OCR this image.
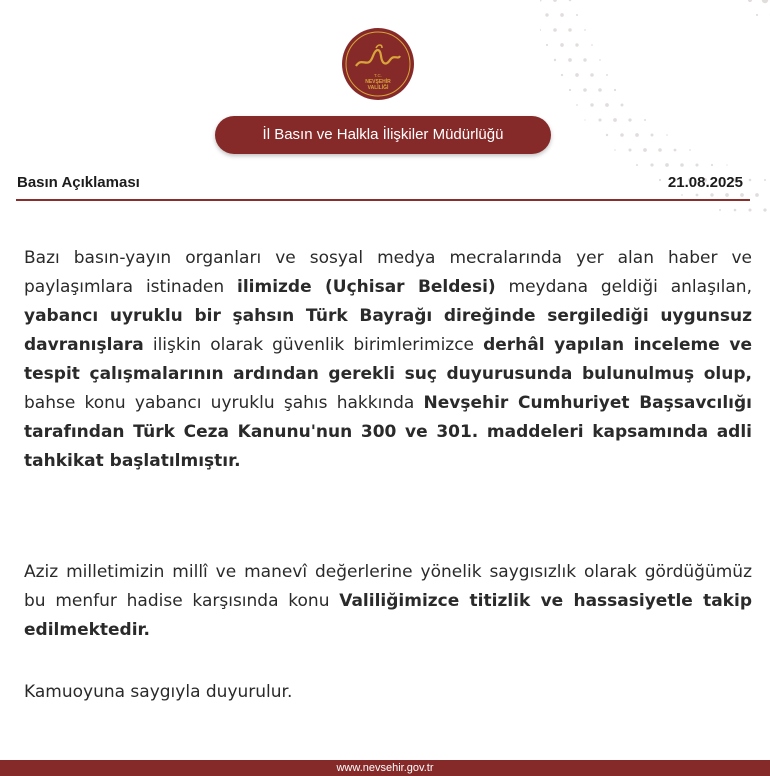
T.C.
NEVŞEHİR
VALİLİĞİ
İl Basın ve Halkla İlişkiler Müdürlüğü
Basın Açıklaması	21.08.2025

Bazı basın-yayın organları ve sosyal medya mecralarında yer alan haber ve paylaşımlara istinaden ilimizde (Uçhisar Beldesi) meydana geldiği anlaşılan, yabancı uyruklu bir şahsın Türk Bayrağı direğinde sergilediği uygunsuz davranışlara ilişkin olarak güvenlik birimlerimizce derhâl yapılan inceleme ve tespit çalışmalarının ardından gerekli suç duyurusunda bulunulmuş olup, bahse konu yabancı uyruklu şahıs hakkında Nevşehir Cumhuriyet Başsavcılığı tarafından Türk Ceza Kanunu'nun 300 ve 301. maddeleri kapsamında adli tahkikat başlatılmıştır.

Aziz milletimizin millî ve manevî değerlerine yönelik saygısızlık olarak gördüğümüz bu menfur hadise karşısında konu Valiliğimizce titizlik ve hassasiyetle takip edilmektedir.

Kamuoyuna saygıyla duyurulur.

www.nevsehir.gov.tr
